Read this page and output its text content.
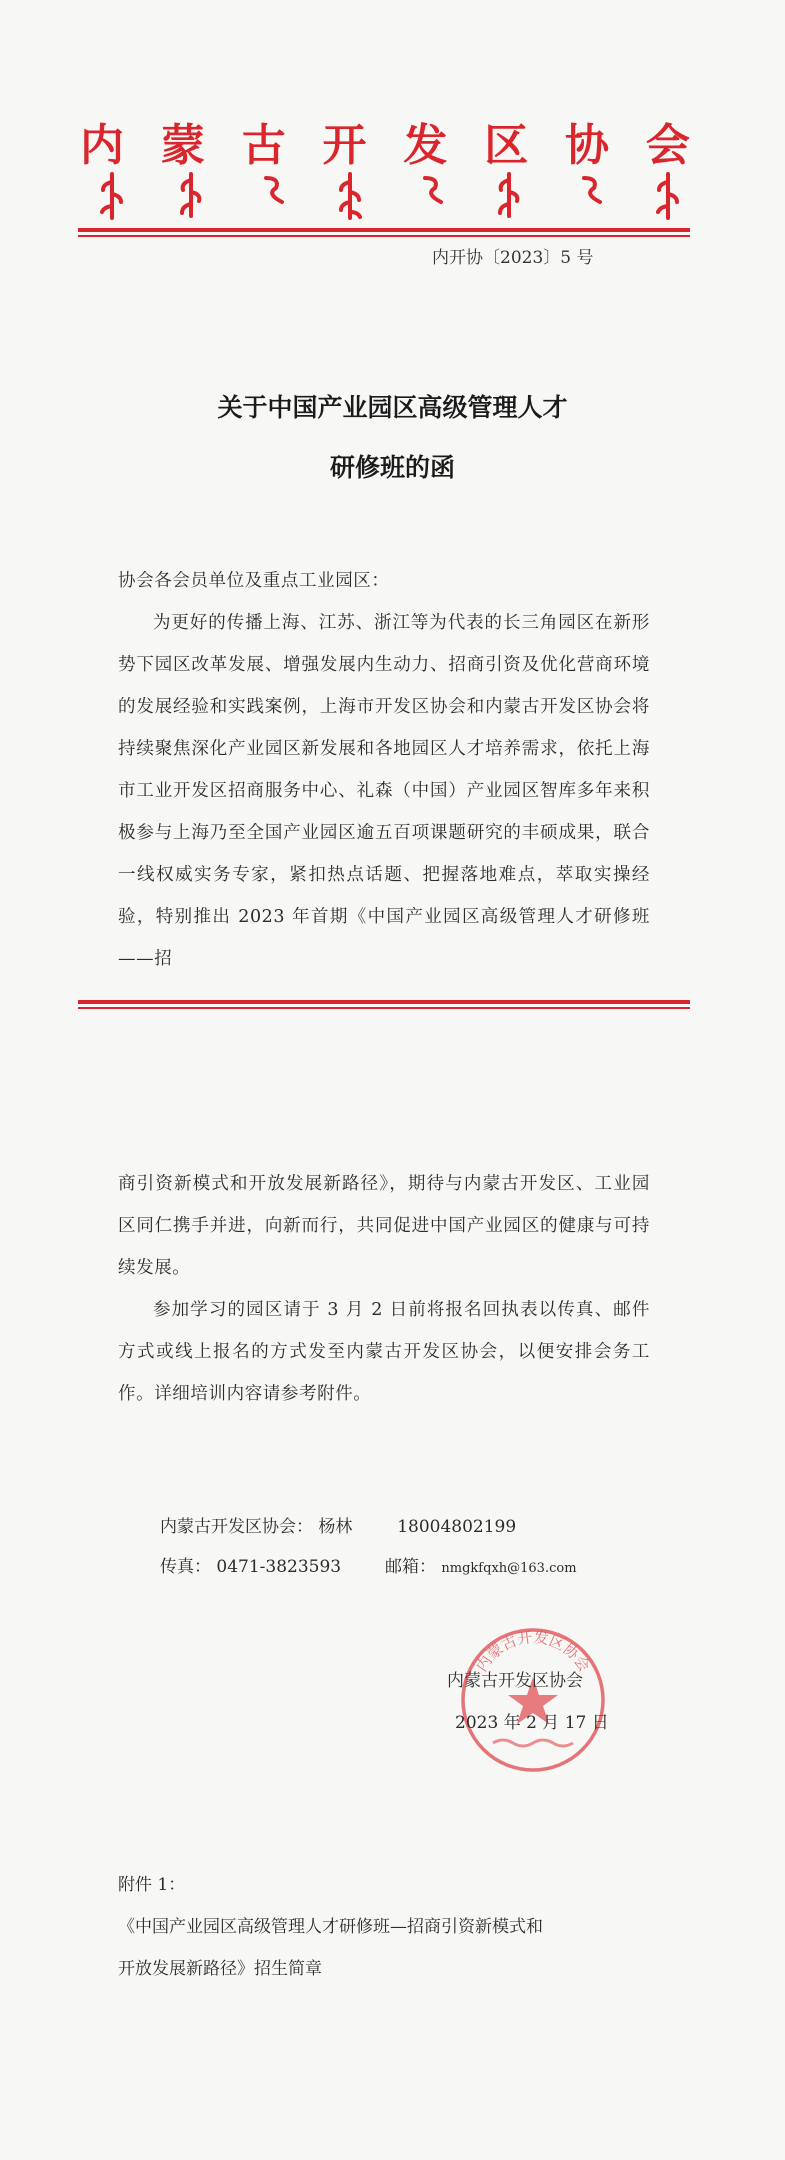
内 蒙 古 开 发 区 协 会
内开协〔2023〕5 号
关于中国产业园区高级管理人才
研修班的函
协会各会员单位及重点工业园区：
为更好的传播上海、江苏、浙江等为代表的长三角园区在新形势下园区改革发展、增强发展内生动力、招商引资及优化营商环境的发展经验和实践案例，上海市开发区协会和内蒙古开发区协会将持续聚焦深化产业园区新发展和各地园区人才培养需求，依托上海市工业开发区招商服务中心、礼森（中国）产业园区智库多年来积极参与上海乃至全国产业园区逾五百项课题研究的丰硕成果，联合一线权威实务专家，紧扣热点话题、把握落地难点，萃取实操经验，特别推出 2023 年首期《中国产业园区高级管理人才研修班——招
商引资新模式和开放发展新路径》，期待与内蒙古开发区、工业园区同仁携手并进，向新而行，共同促进中国产业园区的健康与可持续发展。
参加学习的园区请于 3 月 2 日前将报名回执表以传真、邮件方式或线上报名的方式发至内蒙古开发区协会，以便安排会务工作。详细培训内容请参考附件。
内蒙古开发区协会： 杨林	18004802199
传真： 0471-3823593	邮箱： nmgkfqxh@163.com
内蒙古开发区协会
内蒙古开发区协会
2023 年 2 月 17 日
附件 1：
《中国产业园区高级管理人才研修班—招商引资新模式和
开放发展新路径》招生简章
